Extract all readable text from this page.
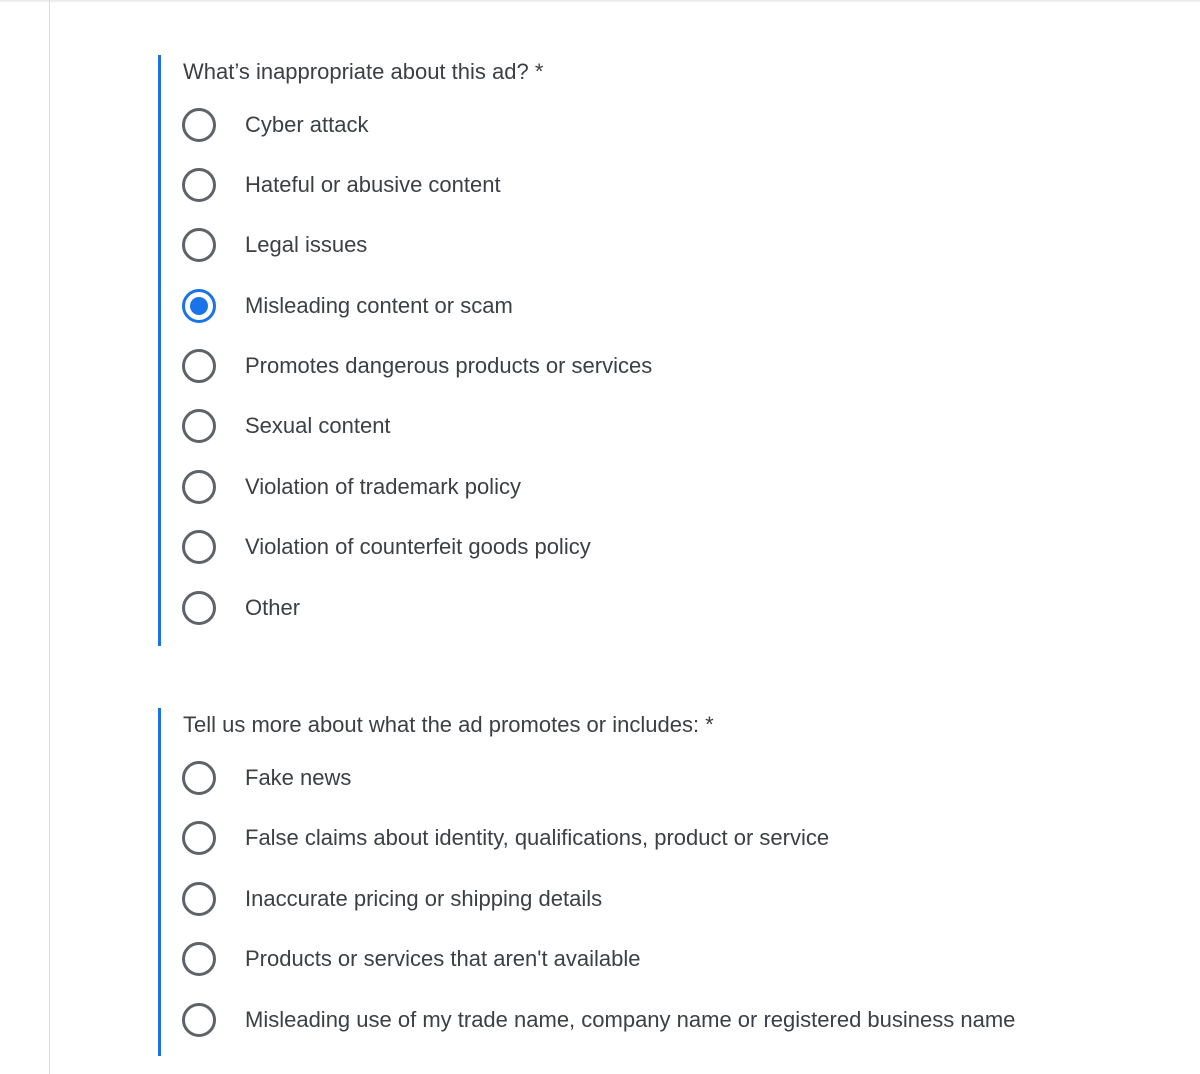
What’s inappropriate about this ad? *
Cyber attack
Hateful or abusive content
Legal issues
Misleading content or scam
Promotes dangerous products or services
Sexual content
Violation of trademark policy
Violation of counterfeit goods policy
Other
Tell us more about what the ad promotes or includes: *
Fake news
False claims about identity, qualifications, product or service
Inaccurate pricing or shipping details
Products or services that aren't available
Misleading use of my trade name, company name or registered business name
